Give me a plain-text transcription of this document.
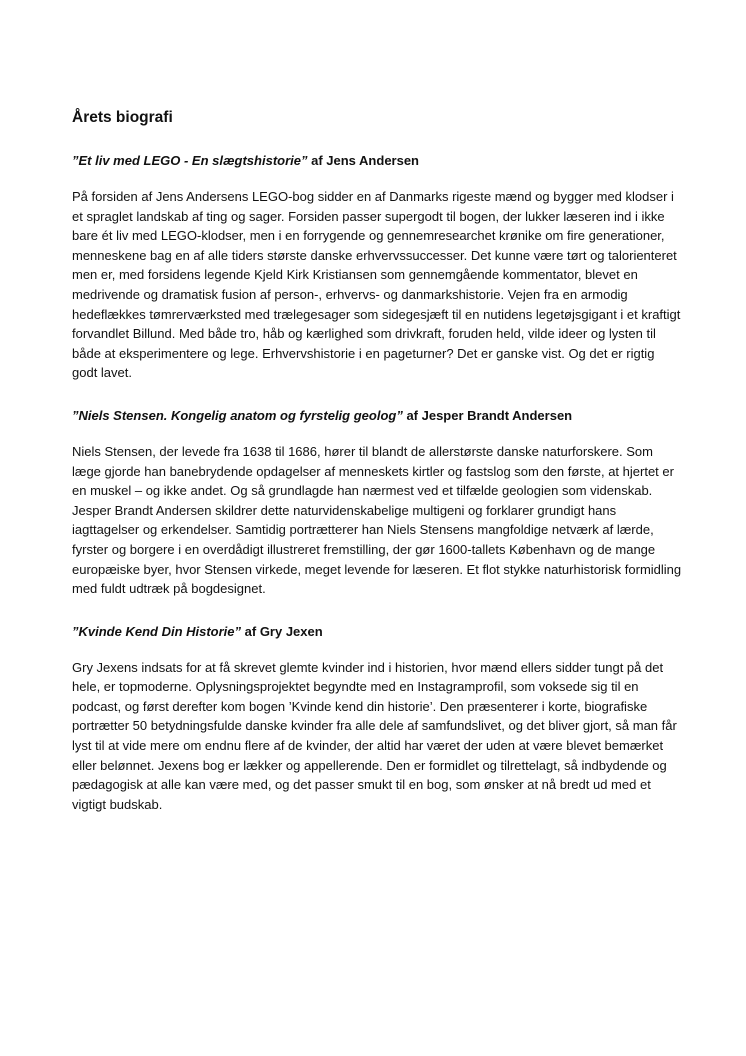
Årets biografi

”Et liv med LEGO - En slægtshistorie” af Jens Andersen

På forsiden af Jens Andersens LEGO-bog sidder en af Danmarks rigeste mænd og bygger med klodser i et spraglet landskab af ting og sager. Forsiden passer supergodt til bogen, der lukker læseren ind i ikke bare ét liv med LEGO-klodser, men i en forrygende og gennemresearchet krønike om fire generationer, menneskene bag en af alle tiders største danske erhvervssuccesser. Det kunne være tørt og talorienteret men er, med forsidens legende Kjeld Kirk Kristiansen som gennemgående kommentator, blevet en medrivende og dramatisk fusion af person-, erhvervs- og danmarkshistorie. Vejen fra en armodig hedeflække​s tømrerværksted med trælegesager som sidegesjæft til en nutidens legetøjsgigant i et kraftigt forvandlet Billund. Med både tro, håb og kærlighed som drivkraft, foruden held, vilde ideer og lysten til både at eksperimentere og lege. Erhvervshistorie i en pageturner? Det er ganske vist. Og det er rigtig godt lavet.

”Niels Stensen. Kongelig anatom og fyrstelig geolog” af Jesper Brandt Andersen

Niels Stensen, der levede fra 1638 til 1686, hører til blandt de allerstørste danske naturforskere. Som læge gjorde han banebrydende opdagelser af menneskets kirtler og fastslog som den første, at hjertet er en muskel – og ikke andet. Og så grundlagde han nærmest ved et tilfælde geologien som videnskab. Jesper Brandt Andersen skildrer dette naturvidenskabelige multigeni og forklarer grundigt hans iagttagelser og erkendelser. Samtidig portrætterer han Niels Stensens mangfoldige netværk af lærde, fyrster og borgere i en overdådigt illustreret fremstilling, der gør 1600-tallets København og de mange europæiske byer, hvor Stensen virkede, meget levende for læseren. Et flot stykke naturhistorisk formidling med fuldt udtræk på bogdesignet.

”Kvinde Kend Din Historie” af Gry Jexen

Gry Jexens indsats for at få skrevet glemte kvinder ind i historien, hvor mænd ellers sidder tungt på det hele, er topmoderne. Oplysningsprojektet begyndte med en Instagramprofil, som voksede sig til en podcast, og først derefter kom bogen ’Kvinde kend din historie’. Den præsenterer i korte, biografiske portrætter 50 betydningsfulde danske kvinder fra alle dele af samfundslivet, og det bliver gjort, så man får lyst til at vide mere om endnu flere af de kvinder, der altid har været der uden at være blevet bemærket eller belønnet. Jexens bog er lækker og appellerende. Den er formidlet og tilrettelagt, så indbydende og pædagogisk at alle kan være med, og det passer smukt til en bog, som ønsker at nå bredt ud med et vigtigt budskab.
